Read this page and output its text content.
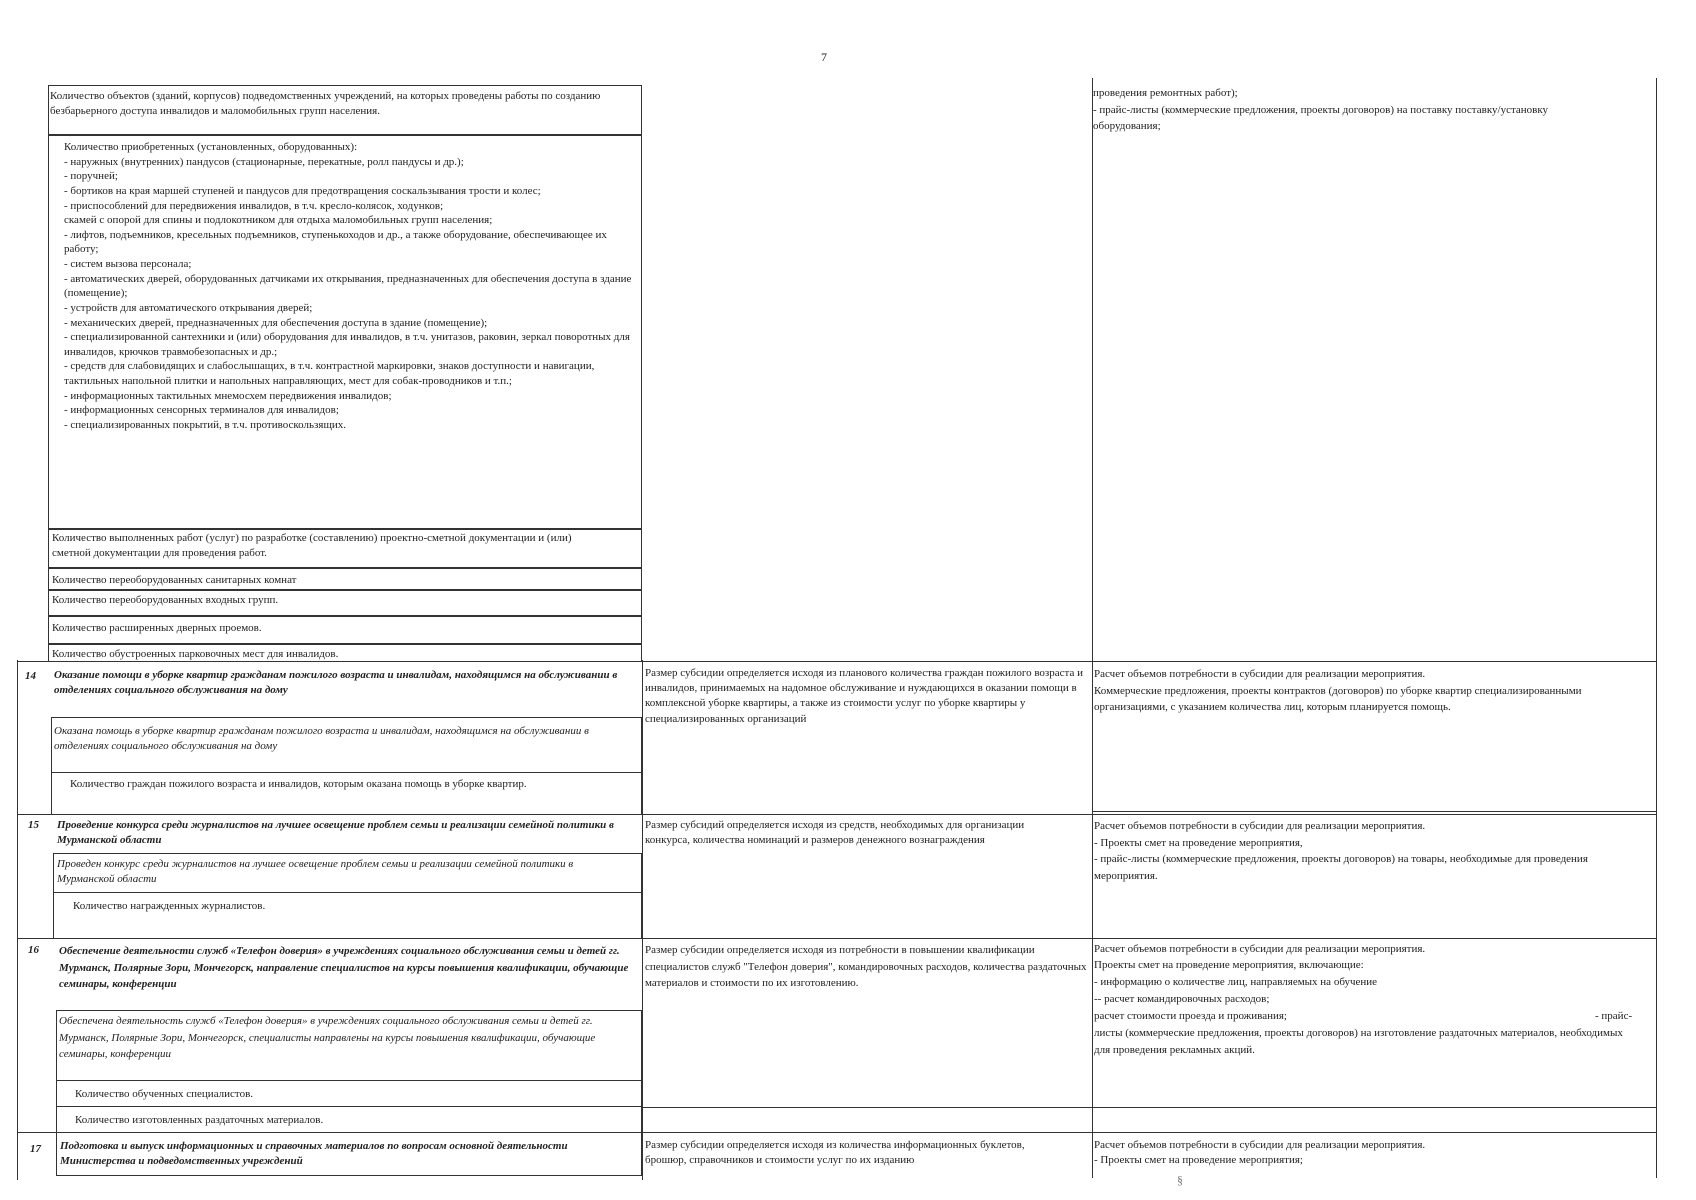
7
Количество объектов (зданий, корпусов) подведомственных учреждений, на которых проведены работы по созданию безбарьерного доступа инвалидов и маломобильных групп населения.
Количество приобретенных (установленных, оборудованных):
- наружных (внутренних) пандусов (стационарные, перекатные, ролл пандусы и др.);
- поручней;
- бортиков на края маршей ступеней и пандусов для предотвращения соскальзывания трости и колес;
- приспособлений для передвижения инвалидов, в т.ч. кресло-колясок, ходунков;
скамей с опорой для спины и подлокотником для отдыха маломобильных групп населения;
- лифтов, подъемников, кресельных подъемников, ступенькоходов и др., а также оборудование, обеспечивающее их работу;
- систем вызова персонала;
- автоматических дверей, оборудованных датчиками их открывания, предназначенных для обеспечения доступа в здание (помещение);
- устройств для автоматического открывания дверей;
- механических дверей, предназначенных для обеспечения доступа в здание (помещение);
- специализированной сантехники и (или) оборудования для инвалидов, в т.ч. унитазов, раковин, зеркал поворотных для инвалидов, крючков травмобезопасных и др.;
- средств для слабовидящих и слабослышащих, в т.ч. контрастной маркировки, знаков доступности и навигации, тактильных напольной плитки и напольных направляющих, мест для собак-проводников и т.п.;
- информационных тактильных мнемосхем передвижения инвалидов;
- информационных сенсорных терминалов для инвалидов;
- специализированных покрытий, в т.ч. противоскользящих.
Количество выполненных работ (услуг) по разработке (составлению) проектно-сметной документации и (или) сметной документации для проведения работ.
Количество переоборудованных санитарных комнат
Количество переоборудованных входных групп.
Количество расширенных дверных проемов.
Количество обустроенных парковочных мест для инвалидов.
проведения ремонтных работ);
- прайс-листы (коммерческие предложения, проекты договоров) на поставку поставку/установку оборудования;
14 Оказание помощи в уборке квартир гражданам пожилого возраста и инвалидам, находящимся на обслуживании в отделениях социального обслуживания на дому
Оказана помощь в уборке квартир гражданам пожилого возраста и инвалидам, находящимся на обслуживании в отделениях социального обслуживания на дому
Количество граждан пожилого возраста и инвалидов, которым оказана помощь в уборке квартир.
Размер субсидии определяется исходя из планового количества граждан пожилого возраста и инвалидов, принимаемых на надомное обслуживание и нуждающихся в оказании помощи в комплексной уборке квартиры, а также из стоимости услуг по уборке квартиры у специализированных организаций
Расчет объемов потребности в субсидии для реализации мероприятия.
Коммерческие предложения, проекты контрактов (договоров) по уборке квартир специализированными организациями, с указанием количества лиц, которым планируется помощь.
15 Проведение конкурса среди журналистов на лучшее освещение проблем семьи и реализации семейной политики в Мурманской области
Проведен конкурс среди журналистов на лучшее освещение проблем семьи и реализации семейной политики в Мурманской области
Количество награжденных журналистов.
Размер субсидий определяется исходя из средств, необходимых для организации конкурса, количества номинаций и размеров денежного вознаграждения
Расчет объемов потребности в субсидии для реализации мероприятия.
- Проекты смет на проведение мероприятия,
- прайс-листы (коммерческие предложения, проекты договоров) на товары, необходимые для проведения мероприятия.
16 Обеспечение деятельности служб «Телефон доверия» в учреждениях социального обслуживания семьи и детей гг. Мурманск, Полярные Зори, Мончегорск, направление специалистов на курсы повышения квалификации, обучающие семинары, конференции
Обеспечена деятельность служб «Телефон доверия» в учреждениях социального обслуживания семьи и детей гг. Мурманск, Полярные Зори, Мончегорск, специалисты направлены на курсы повышения квалификации, обучающие семинары, конференции
Количество обученных специалистов.
Количество изготовленных раздаточных материалов.
Размер субсидии определяется исходя из потребности в повышении квалификации специалистов служб "Телефон доверия", командировочных расходов, количества раздаточных материалов и стоимости по их изготовлению.
Расчет объемов потребности в субсидии для реализации мероприятия.
Проекты смет на проведение мероприятия, включающие:
- информацию о количестве лиц, направляемых на обучение
-- расчет командировочных расходов;
расчет стоимости проезда и проживания;	- прайс-
листы (коммерческие предложения, проекты договоров) на изготовление раздаточных материалов, необходимых для проведения рекламных акций.
17 Подготовка и выпуск информационных и справочных материалов по вопросам основной деятельности Министерства и подведомственных учреждений
Размер субсидии определяется исходя из количества информационных буклетов, брошюр, справочников и стоимости услуг по их изданию
Расчет объемов потребности в субсидии для реализации мероприятия.
- Проекты смет на проведение мероприятия;
§
